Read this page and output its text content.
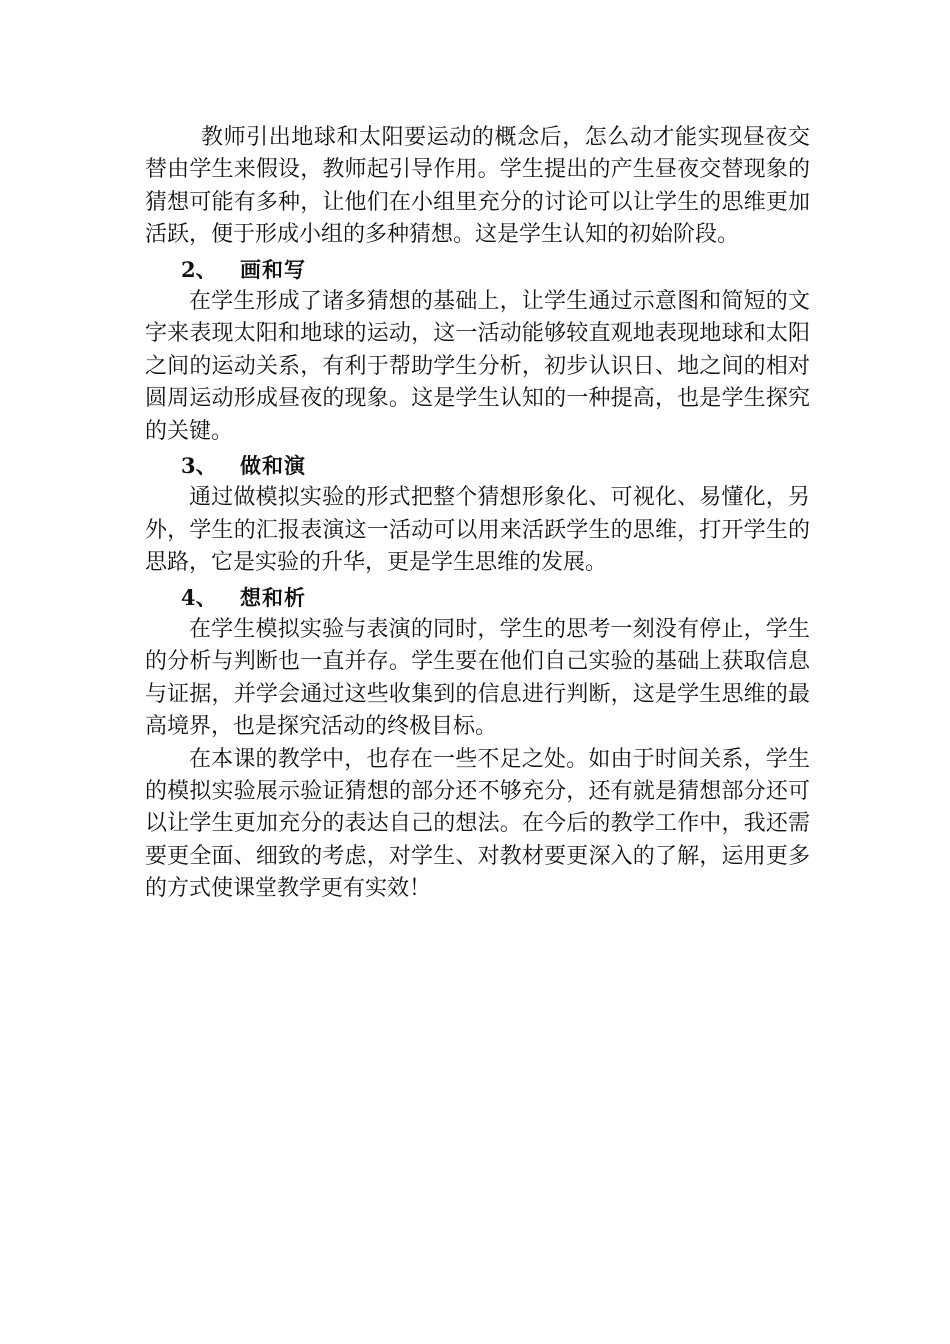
教师引出地球和太阳要运动的概念后，怎么动才能实现昼夜交替由学生来假设，教师起引导作用。学生提出的产生昼夜交替现象的猜想可能有多种，让他们在小组里充分的讨论可以让学生的思维更加活跃，便于形成小组的多种猜想。这是学生认知的初始阶段。

2、 画和写

在学生形成了诸多猜想的基础上，让学生通过示意图和简短的文字来表现太阳和地球的运动，这一活动能够较直观地表现地球和太阳之间的运动关系，有利于帮助学生分析，初步认识日、地之间的相对圆周运动形成昼夜的现象。这是学生认知的一种提高，也是学生探究的关键。

3、 做和演

通过做模拟实验的形式把整个猜想形象化、可视化、易懂化，另外，学生的汇报表演这一活动可以用来活跃学生的思维，打开学生的思路，它是实验的升华，更是学生思维的发展。

4、 想和析

在学生模拟实验与表演的同时，学生的思考一刻没有停止，学生的分析与判断也一直并存。学生要在他们自己实验的基础上获取信息与证据，并学会通过这些收集到的信息进行判断，这是学生思维的最高境界，也是探究活动的终极目标。

在本课的教学中，也存在一些不足之处。如由于时间关系，学生的模拟实验展示验证猜想的部分还不够充分，还有就是猜想部分还可以让学生更加充分的表达自己的想法。在今后的教学工作中，我还需要更全面、细致的考虑，对学生、对教材要更深入的了解，运用更多的方式使课堂教学更有实效！
